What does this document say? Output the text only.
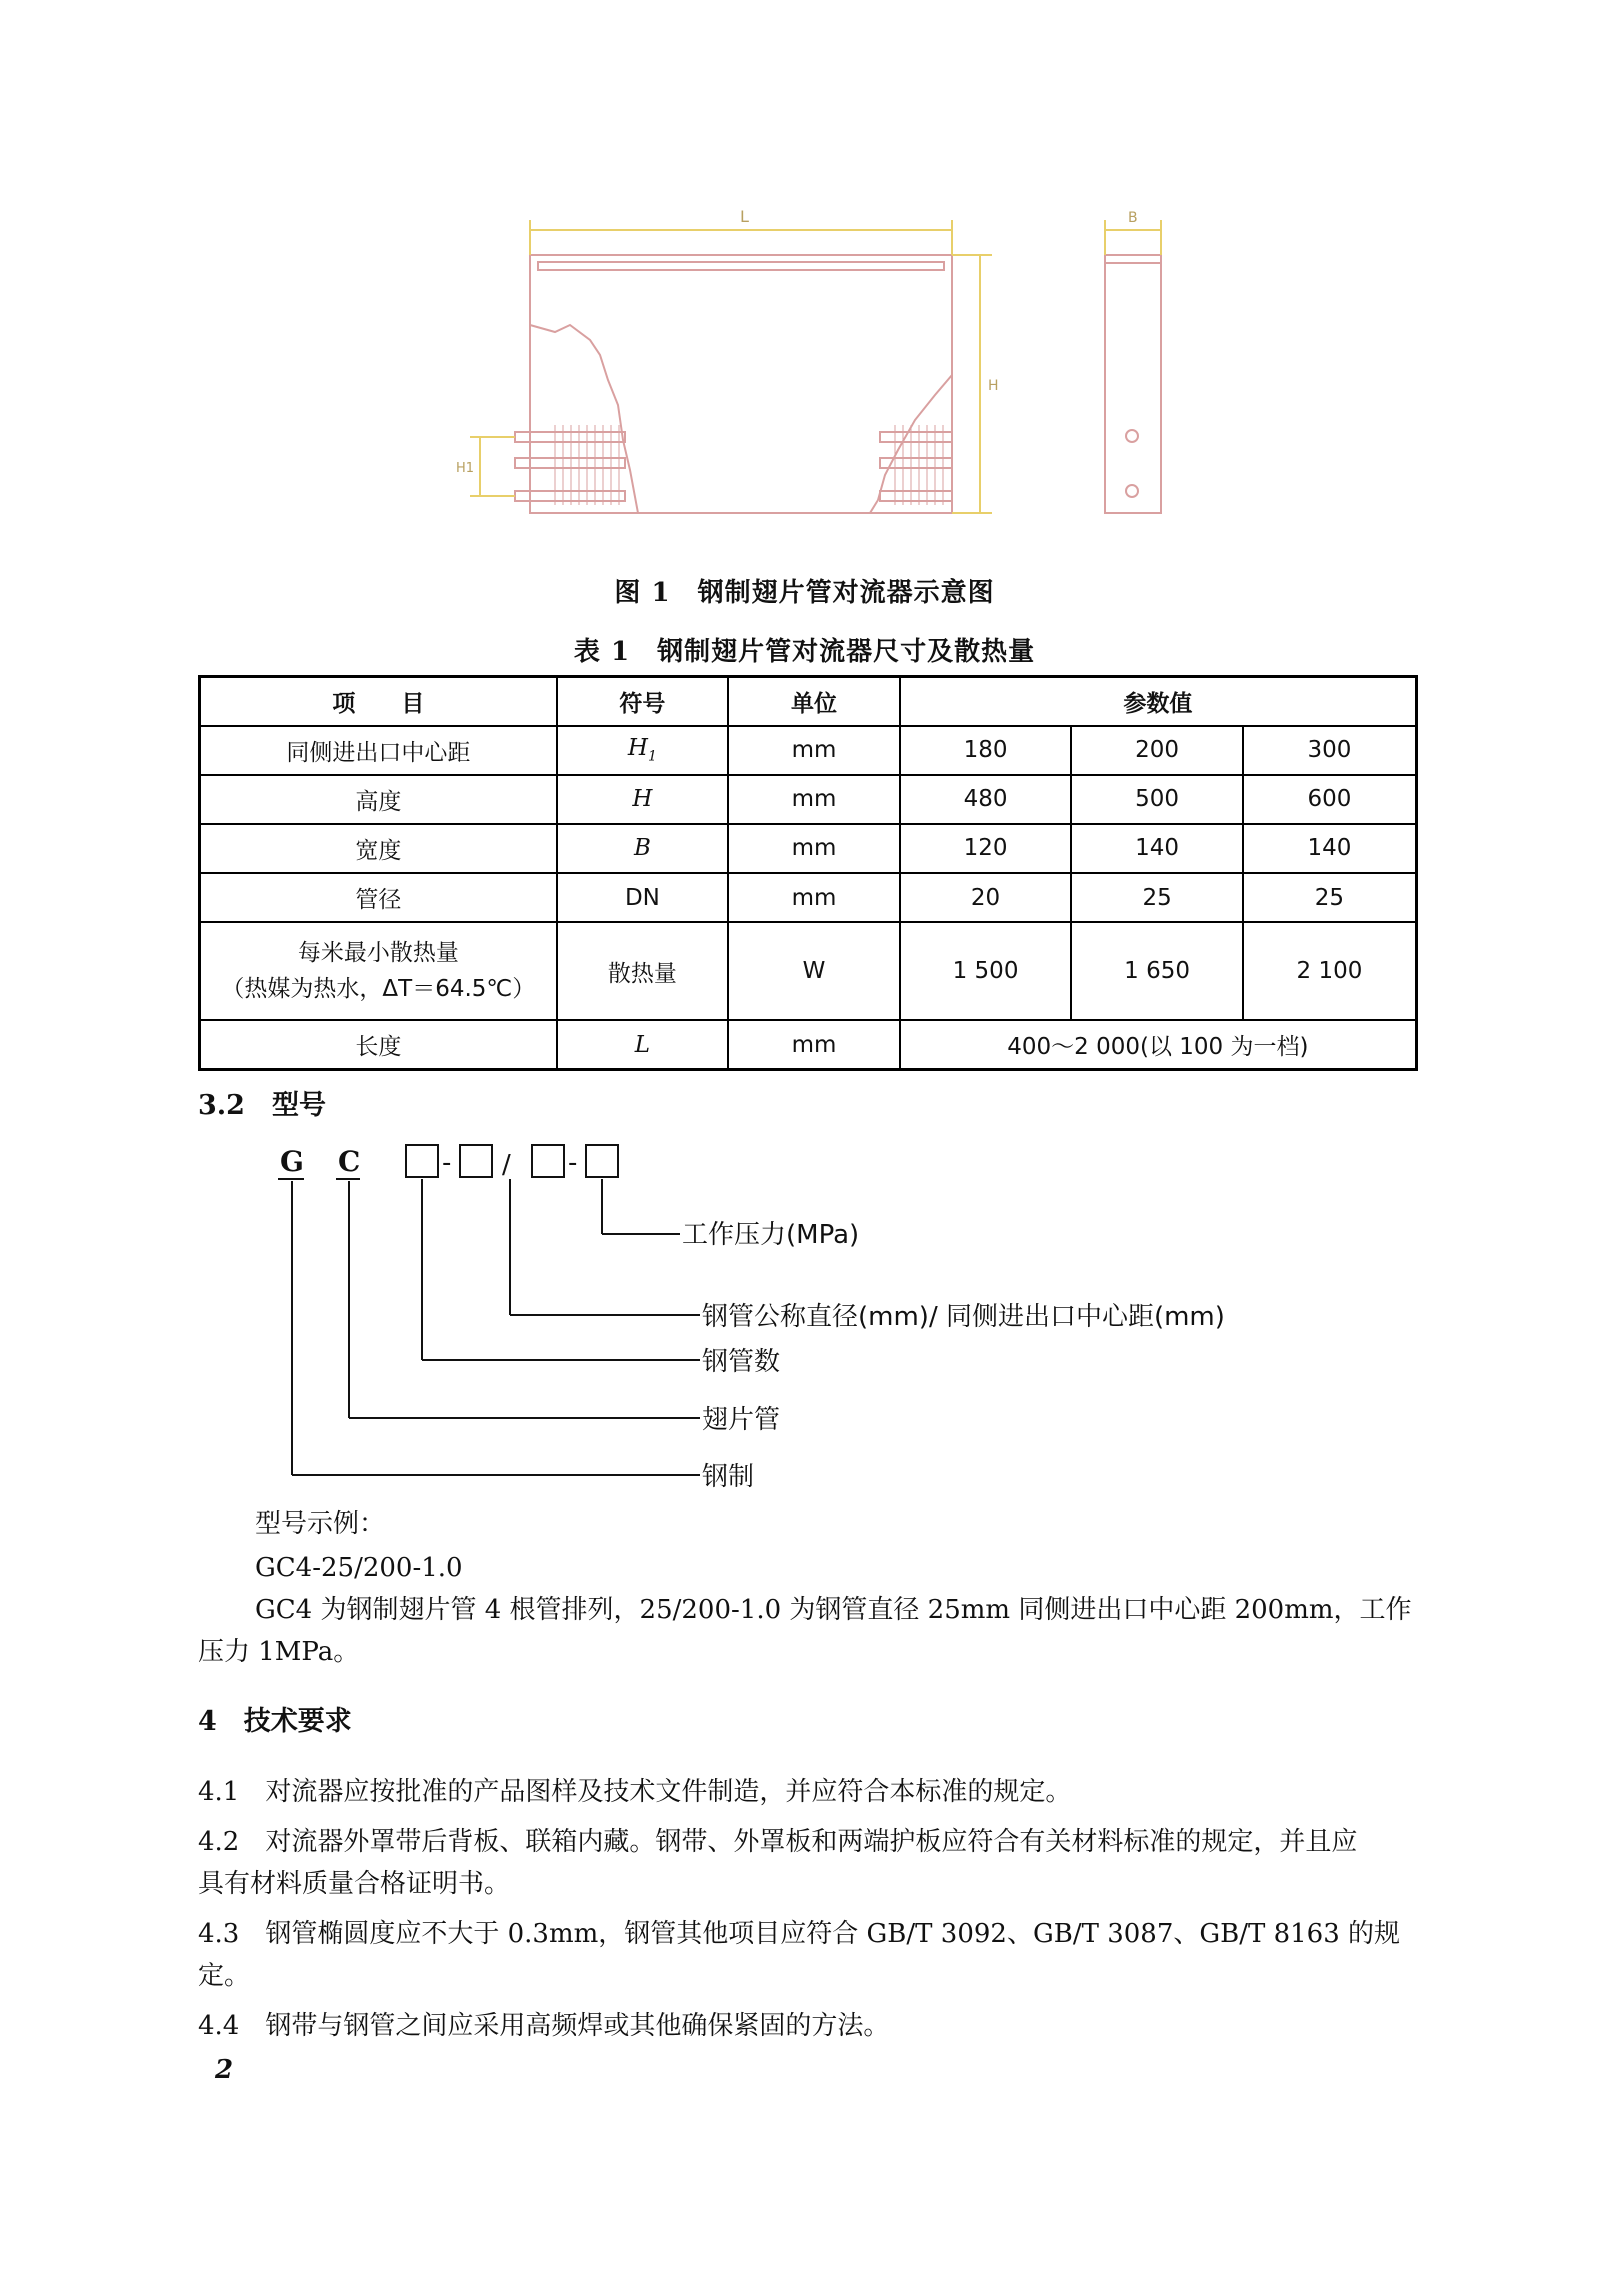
L	B
H
H1
图 1　钢制翅片管对流器示意图
表 1　钢制翅片管对流器尺寸及散热量
项　　目	符号	单位	参数值		
同侧进出口中心距	$H_1$	mm	180	200	300
高度	H	mm	480	500	600
宽度	B	mm	120	140	140
管径	DN	mm	20	25	25

每米最小散热量
（热媒为热水，ΔT＝64.5℃）	散热量	W	1 500	1 650	2 100
长度	L	mm	400～2 000(以 100 为一档)		
3.2　型号
G C	- / -
工作压力(MPa)
钢管公称直径(mm)/ 同侧进出口中心距(mm)
钢管数
翅片管
钢制
型号示例：
GC4-25/200-1.0
GC4 为钢制翅片管 4 根管排列，25/200-1.0 为钢管直径 25mm 同侧进出口中心距 200mm，工作
压力 1MPa。
4　技术要求
4.1　对流器应按批准的产品图样及技术文件制造，并应符合本标准的规定。
4.2　对流器外罩带后背板、联箱内藏。钢带、外罩板和两端护板应符合有关材料标准的规定，并且应
具有材料质量合格证明书。
4.3　钢管椭圆度应不大于 0.3mm，钢管其他项目应符合 GB/T 3092、GB/T 3087、GB/T 8163 的规
定。
4.4　钢带与钢管之间应采用高频焊或其他确保紧固的方法。
2
